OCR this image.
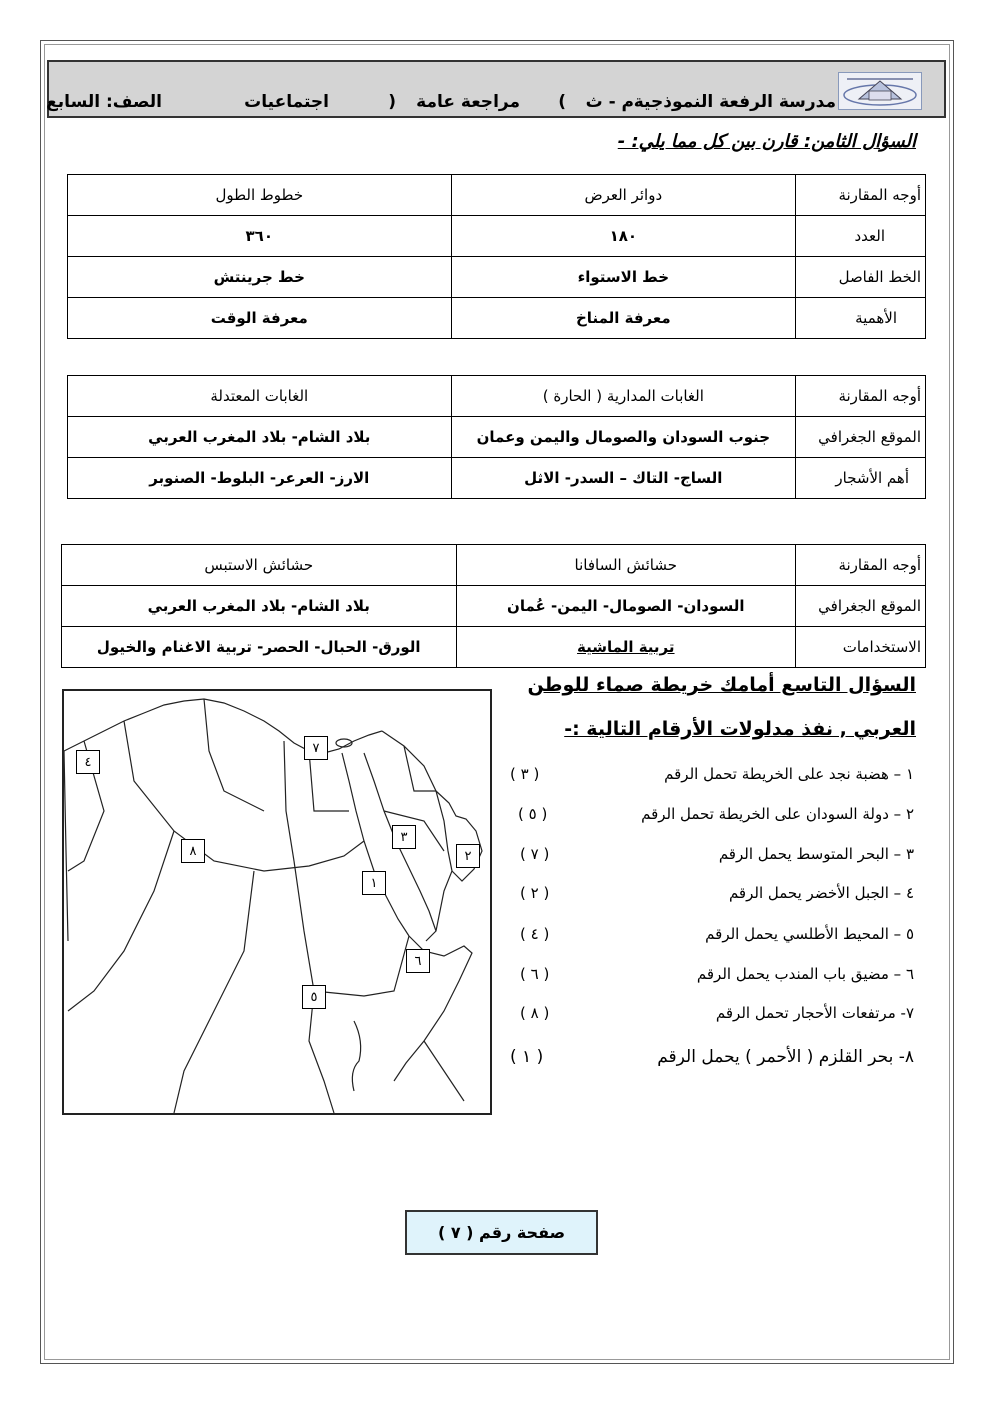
مدرسة الرفعة النموذجية
م - ث
(
مراجعة عامة
)
اجتماعيات
الصف: السابع
السؤال الثامن: قارن بين كل مما يلي: -
أوجه المقارنة	دوائر العرض	خطوط الطول
العدد	١٨٠	٣٦٠
الخط الفاصل	خط الاستواء	خط جرينتش
الأهمية	معرفة المناخ	معرفة الوقت
أوجه المقارنة	الغابات المدارية ( الحارة )	الغابات المعتدلة
الموقع الجغرافي	جنوب السودان والصومال واليمن وعمان	بلاد الشام- بلاد المغرب العربي
أهم الأشجار	الساج- التاك – السدر- الاثل	الارز- العرعر- البلوط- الصنوبر
أوجه المقارنة	حشائش السافانا	حشائش الاستبس
الموقع الجغرافي	السودان- الصومال- اليمن- عُمان	بلاد الشام- بلاد المغرب العربي
الاستخدامات	تربية الماشية	الورق- الحبال- الحصر- تربية الاغنام والخيول
السؤال التاسع أمامك خريطة صماء للوطن
العربي , نفذ مدلولات الأرقام التالية :-
١ – هضبة نجد على الخريطة تحمل الرقم
( ٣ )
٢ – دولة السودان على الخريطة تحمل الرقم
( ٥ )
٣ – البحر المتوسط يحمل الرقم
( ٧ )
٤ – الجبل الأخضر يحمل الرقم
( ٢ )
٥ – المحيط الأطلسي يحمل الرقم
( ٤ )
٦ – مضيق باب المندب يحمل الرقم
( ٦ )
٧- مرتفعات الأحجار تحمل الرقم
( ٨ )
٨- بحر القلزم ( الأحمر ) يحمل الرقم
( ١ )
٤
٧
٨
٣
٢
١
٦
٥
صفحة رقم ( ٧ )
